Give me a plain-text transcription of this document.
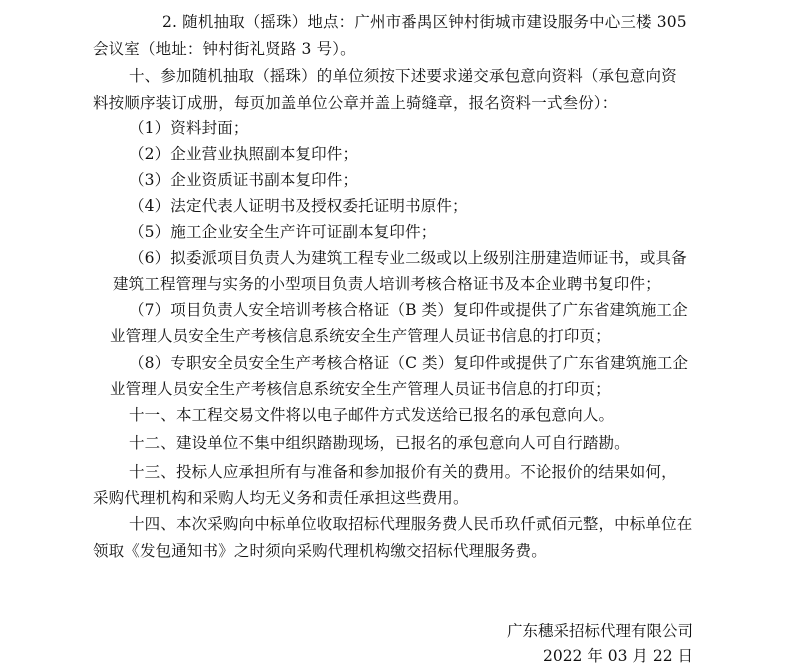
2. 随机抽取（摇珠）地点：广州市番禺区钟村街城市建设服务中心三楼 305
会议室（地址：钟村街礼贤路 3 号）。
十、参加随机抽取（摇珠）的单位须按下述要求递交承包意向资料（承包意向资
料按顺序装订成册，每页加盖单位公章并盖上骑缝章，报名资料一式叁份）：
（1）资料封面；
（2）企业营业执照副本复印件；
（3）企业资质证书副本复印件；
（4）法定代表人证明书及授权委托证明书原件；
（5）施工企业安全生产许可证副本复印件；
（6）拟委派项目负责人为建筑工程专业二级或以上级别注册建造师证书，或具备
建筑工程管理与实务的小型项目负责人培训考核合格证书及本企业聘书复印件；
（7）项目负责人安全培训考核合格证（B 类）复印件或提供了广东省建筑施工企
业管理人员安全生产考核信息系统安全生产管理人员证书信息的打印页；
（8）专职安全员安全生产考核合格证（C 类）复印件或提供了广东省建筑施工企
业管理人员安全生产考核信息系统安全生产管理人员证书信息的打印页；
十一、本工程交易文件将以电子邮件方式发送给已报名的承包意向人。
十二、建设单位不集中组织踏勘现场，已报名的承包意向人可自行踏勘。
十三、投标人应承担所有与准备和参加报价有关的费用。不论报价的结果如何，
采购代理机构和采购人均无义务和责任承担这些费用。
十四、本次采购向中标单位收取招标代理服务费人民币玖仟贰佰元整，中标单位在
领取《发包通知书》之时须向采购代理机构缴交招标代理服务费。
广东穗采招标代理有限公司
2022 年 03 月 22 日
